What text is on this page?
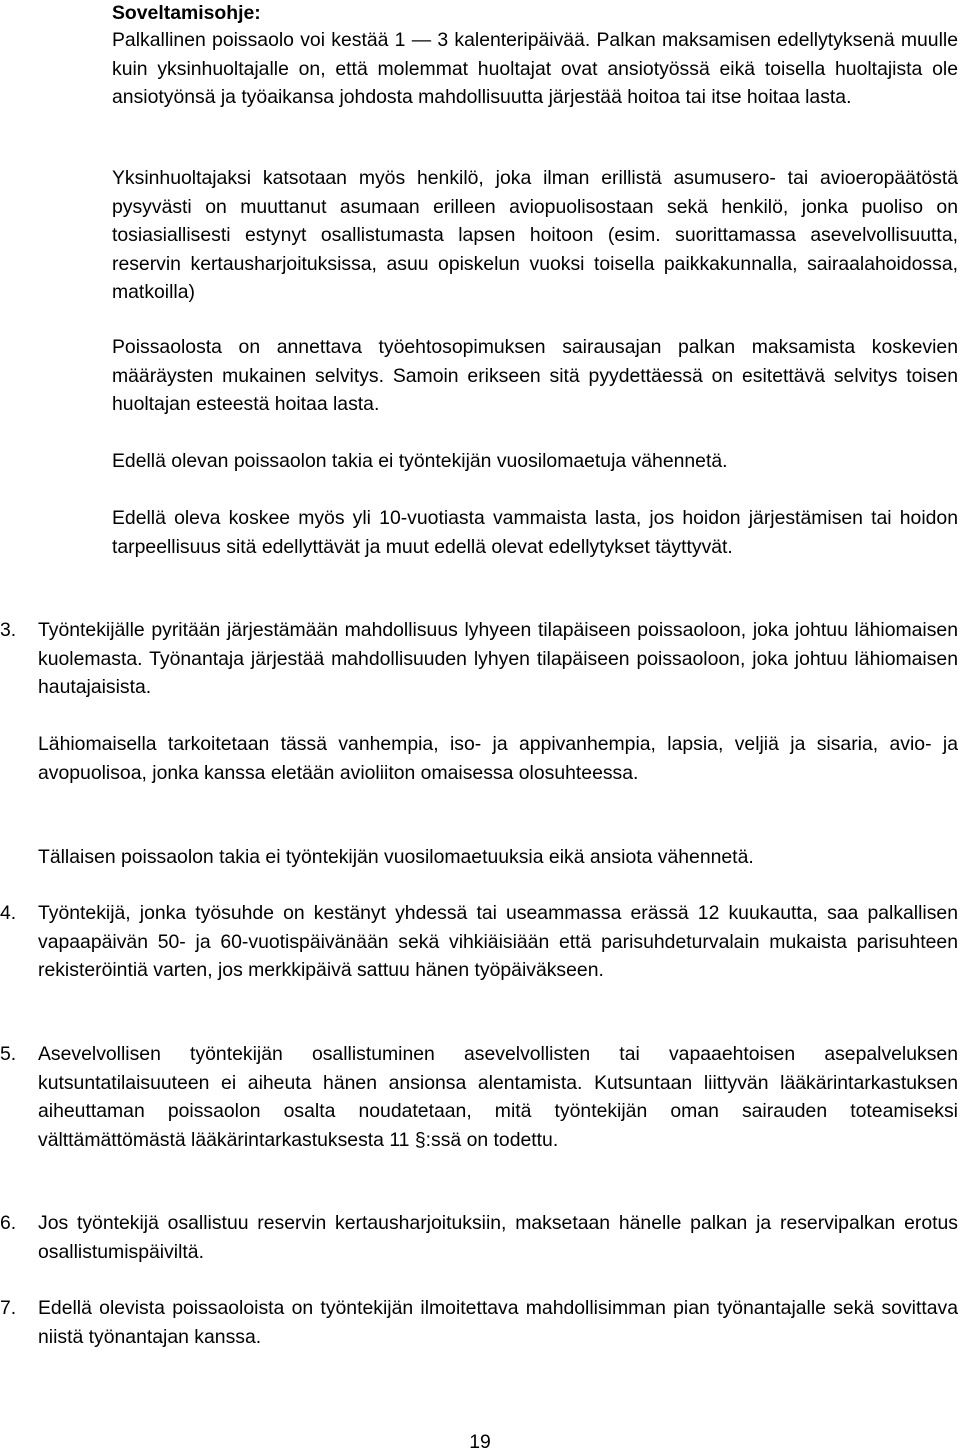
Soveltamisohje:

Palkallinen poissaolo voi kestää 1 — 3 kalenteripäivää. Palkan maksamisen edellytyksenä muulle kuin yksinhuoltajalle on, että molemmat huoltajat ovat ansiotyössä eikä toisella huoltajista ole ansiotyönsä ja työaikansa johdosta mahdollisuutta järjestää hoitoa tai itse hoitaa lasta.

Yksinhuoltajaksi katsotaan myös henkilö, joka ilman erillistä asumusero- tai avioeropäätöstä pysyvästi on muuttanut asumaan erilleen aviopuolisostaan sekä henkilö, jonka puoliso on tosiasiallisesti estynyt osallistumasta lapsen hoitoon (esim. suorittamassa asevelvollisuutta, reservin kertausharjoituksissa, asuu opiskelun vuoksi toisella paikkakunnalla, sairaalahoidossa, matkoilla)

Poissaolosta on annettava työehtosopimuksen sairausajan palkan maksamista koskevien määräysten mukainen selvitys. Samoin erikseen sitä pyydettäessä on esitettävä selvitys toisen huoltajan esteestä hoitaa lasta.

Edellä olevan poissaolon takia ei työntekijän vuosilomaetuja vähennetä.

Edellä oleva koskee myös yli 10-vuotiasta vammaista lasta, jos hoidon järjestämisen tai hoidon tarpeellisuus sitä edellyttävät ja muut edellä olevat edellytykset täyttyvät.

3.	Työntekijälle pyritään järjestämään mahdollisuus lyhyeen tilapäiseen poissaoloon, joka johtuu lähiomaisen kuolemasta. Työnantaja järjestää mahdollisuuden lyhyen tilapäiseen poissaoloon, joka johtuu lähiomaisen hautajaisista.

Lähiomaisella tarkoitetaan tässä vanhempia, iso- ja appivanhempia, lapsia, veljiä ja sisaria, avio- ja avopuolisoa, jonka kanssa eletään avioliiton omaisessa olosuhteessa.

Tällaisen poissaolon takia ei työntekijän vuosilomaetuuksia eikä ansiota vähennetä.

4.	Työntekijä, jonka työsuhde on kestänyt yhdessä tai useammassa erässä 12 kuukautta, saa palkallisen vapaapäivän 50- ja 60-vuotispäivänään sekä vihkiäisiään että parisuhdeturvalain mukaista parisuhteen rekisteröintiä varten, jos merkkipäivä sattuu hänen työpäiväkseen.

5.	Asevelvollisen työntekijän osallistuminen asevelvollisten tai vapaaehtoisen asepalveluksen kutsuntatilaisuuteen ei aiheuta hänen ansionsa alentamista. Kutsuntaan liittyvän lääkärintarkastuksen aiheuttaman poissaolon osalta noudatetaan, mitä työntekijän oman sairauden toteamiseksi välttämättömästä lääkärintarkastuksesta 11 §:ssä on todettu.

6.	Jos työntekijä osallistuu reservin kertausharjoituksiin, maksetaan hänelle palkan ja reservipalkan erotus osallistumispäiviltä.

7.	Edellä olevista poissaoloista on työntekijän ilmoitettava mahdollisimman pian työnantajalle sekä sovittava niistä työnantajan kanssa.

19
